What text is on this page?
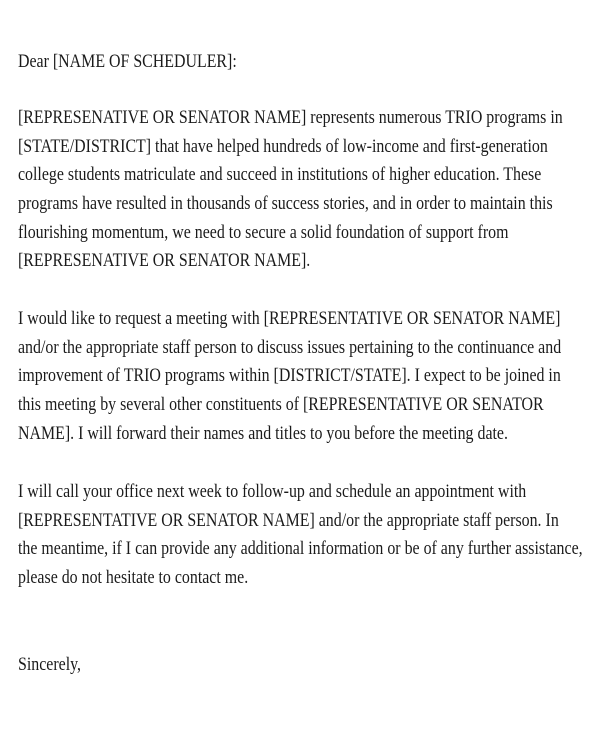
Dear [NAME OF SCHEDULER]:

[REPRESENATIVE OR SENATOR NAME] represents numerous TRIO programs in
[STATE/DISTRICT] that have helped hundreds of low-income and first-generation
college students matriculate and succeed in institutions of higher education. These
programs have resulted in thousands of success stories, and in order to maintain this
flourishing momentum, we need to secure a solid foundation of support from
[REPRESENATIVE OR SENATOR NAME].
I would like to request a meeting with [REPRESENTATIVE OR SENATOR NAME]
and/or the appropriate staff person to discuss issues pertaining to the continuance and
improvement of TRIO programs within [DISTRICT/STATE]. I expect to be joined in
this meeting by several other constituents of [REPRESENTATIVE OR SENATOR
NAME]. I will forward their names and titles to you before the meeting date.
I will call your office next week to follow-up and schedule an appointment with
[REPRESENTATIVE OR SENATOR NAME] and/or the appropriate staff person. In
the meantime, if I can provide any additional information or be of any further assistance,
please do not hesitate to contact me.

Sincerely,
